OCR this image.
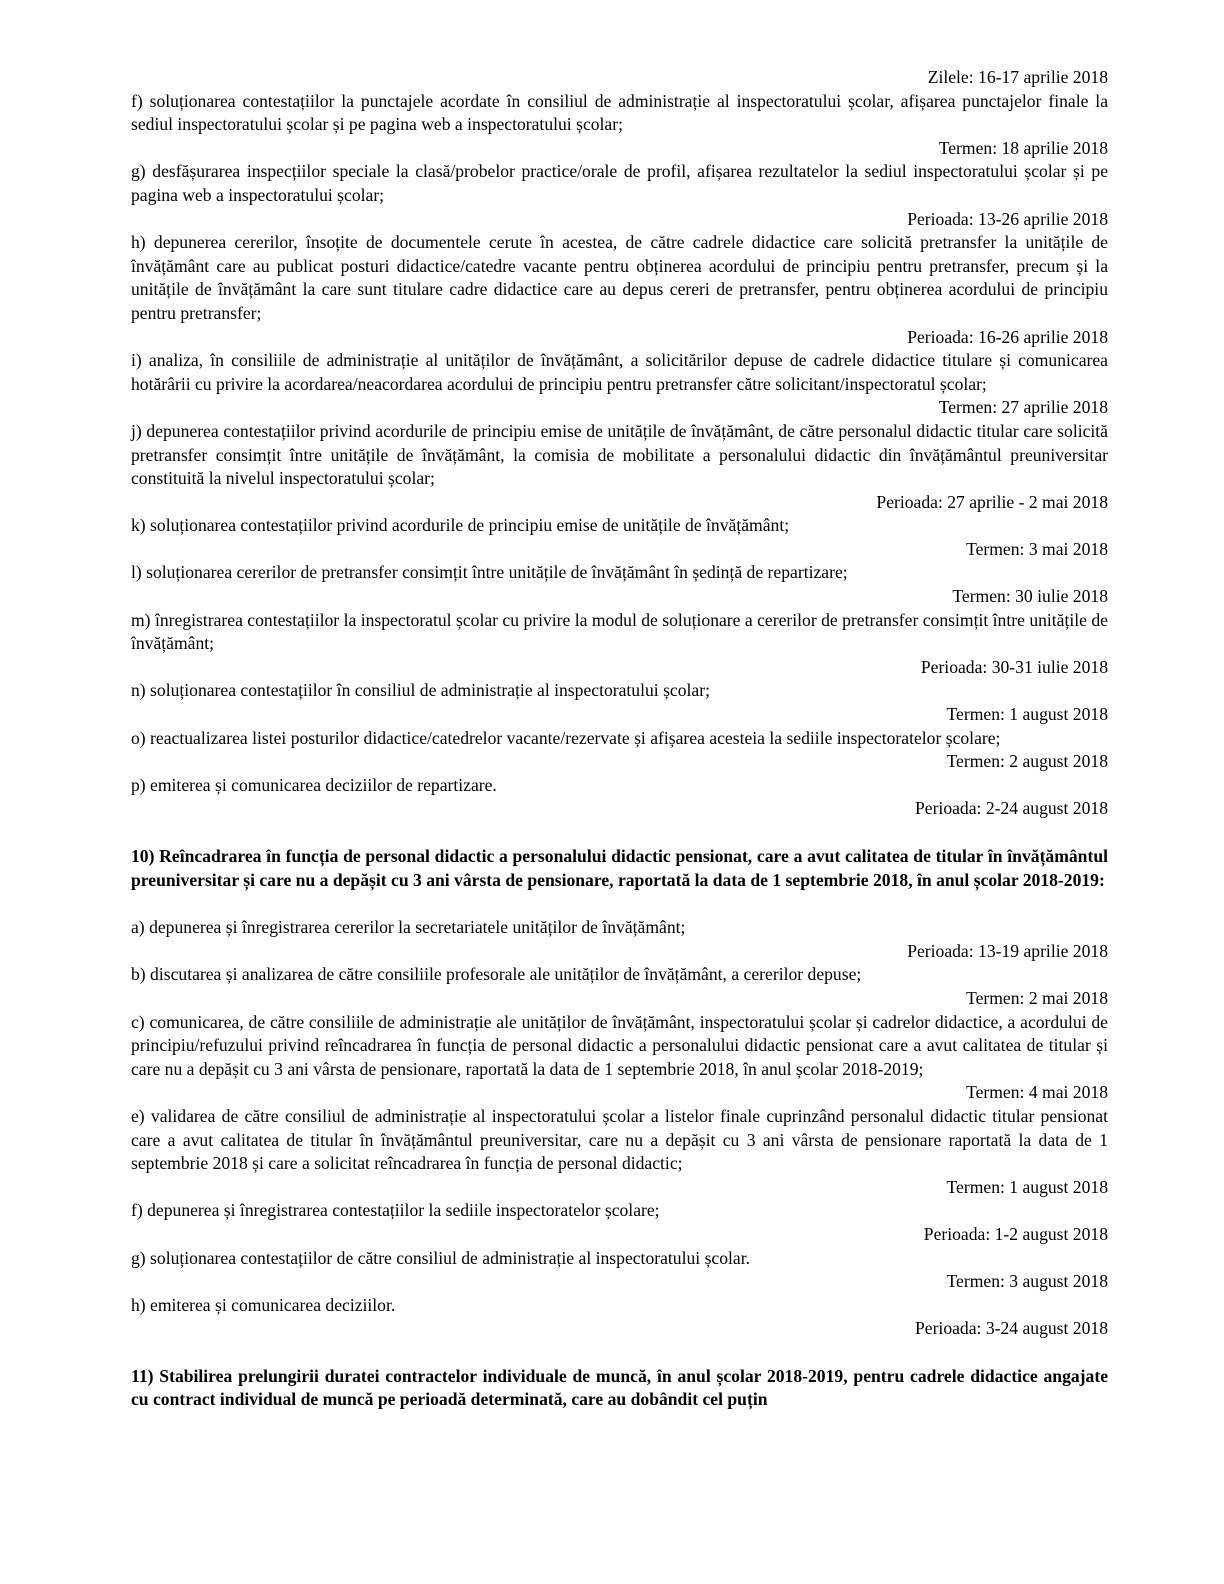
Zilele: 16-17 aprilie 2018

f) soluționarea contestațiilor la punctajele acordate în consiliul de administrație al inspectoratului școlar, afișarea punctajelor finale la sediul inspectoratului școlar și pe pagina web a inspectoratului școlar;

Termen: 18 aprilie 2018

g) desfășurarea inspecțiilor speciale la clasă/probelor practice/orale de profil, afișarea rezultatelor la sediul inspectoratului școlar și pe pagina web a inspectoratului școlar;

Perioada: 13-26 aprilie 2018

h) depunerea cererilor, însoțite de documentele cerute în acestea, de către cadrele didactice care solicită pretransfer la unitățile de învățământ care au publicat posturi didactice/catedre vacante pentru obținerea acordului de principiu pentru pretransfer, precum și la unitățile de învățământ la care sunt titulare cadre didactice care au depus cereri de pretransfer, pentru obținerea acordului de principiu pentru pretransfer;

Perioada: 16-26 aprilie 2018

i) analiza, în consiliile de administrație al unităților de învățământ, a solicitărilor depuse de cadrele didactice titulare și comunicarea hotărârii cu privire la acordarea/neacordarea acordului de principiu pentru pretransfer către solicitant/inspectoratul școlar;

Termen: 27 aprilie 2018

j) depunerea contestațiilor privind acordurile de principiu emise de unitățile de învățământ, de către personalul didactic titular care solicită pretransfer consimțit între unitățile de învățământ, la comisia de mobilitate a personalului didactic din învățământul preuniversitar constituită la nivelul inspectoratului școlar;

Perioada: 27 aprilie - 2 mai 2018

k) soluționarea contestațiilor privind acordurile de principiu emise de unitățile de învățământ;

Termen: 3 mai 2018

l) soluționarea cererilor de pretransfer consimțit între unitățile de învățământ în ședință de repartizare;

Termen: 30 iulie 2018

m) înregistrarea contestațiilor la inspectoratul școlar cu privire la modul de soluționare a cererilor de pretransfer consimțit între unitățile de învățământ;

Perioada: 30-31 iulie 2018

n) soluționarea contestațiilor în consiliul de administrație al inspectoratului școlar;

Termen: 1 august 2018

o) reactualizarea listei posturilor didactice/catedrelor vacante/rezervate și afișarea acesteia la sediile inspectoratelor școlare;

Termen: 2 august 2018

p) emiterea și comunicarea deciziilor de repartizare.

Perioada: 2-24 august 2018

10) Reîncadrarea în funcția de personal didactic a personalului didactic pensionat, care a avut calitatea de titular în învățământul preuniversitar și care nu a depășit cu 3 ani vârsta de pensionare, raportată la data de 1 septembrie 2018, în anul școlar 2018-2019:

a) depunerea și înregistrarea cererilor la secretariatele unităților de învățământ;

Perioada: 13-19 aprilie 2018

b) discutarea și analizarea de către consiliile profesorale ale unităților de învățământ, a cererilor depuse;

Termen: 2 mai 2018

c) comunicarea, de către consiliile de administrație ale unităților de învățământ, inspectoratului școlar și cadrelor didactice, a acordului de principiu/refuzului privind reîncadrarea în funcția de personal didactic a personalului didactic pensionat care a avut calitatea de titular și care nu a depășit cu 3 ani vârsta de pensionare, raportată la data de 1 septembrie 2018, în anul școlar 2018-2019;

Termen: 4 mai 2018

e) validarea de către consiliul de administrație al inspectoratului școlar a listelor finale cuprinzând personalul didactic titular pensionat care a avut calitatea de titular în învățământul preuniversitar, care nu a depășit cu 3 ani vârsta de pensionare raportată la data de 1 septembrie 2018 și care a solicitat reîncadrarea în funcția de personal didactic;

Termen: 1 august 2018

f) depunerea și înregistrarea contestațiilor la sediile inspectoratelor școlare;

Perioada: 1-2 august 2018

g) soluționarea contestațiilor de către consiliul de administrație al inspectoratului școlar.

Termen: 3 august 2018

h) emiterea și comunicarea deciziilor.

Perioada: 3-24 august 2018

11) Stabilirea prelungirii duratei contractelor individuale de muncă, în anul școlar 2018-2019, pentru cadrele didactice angajate cu contract individual de muncă pe perioadă determinată, care au dobândit cel puțin
